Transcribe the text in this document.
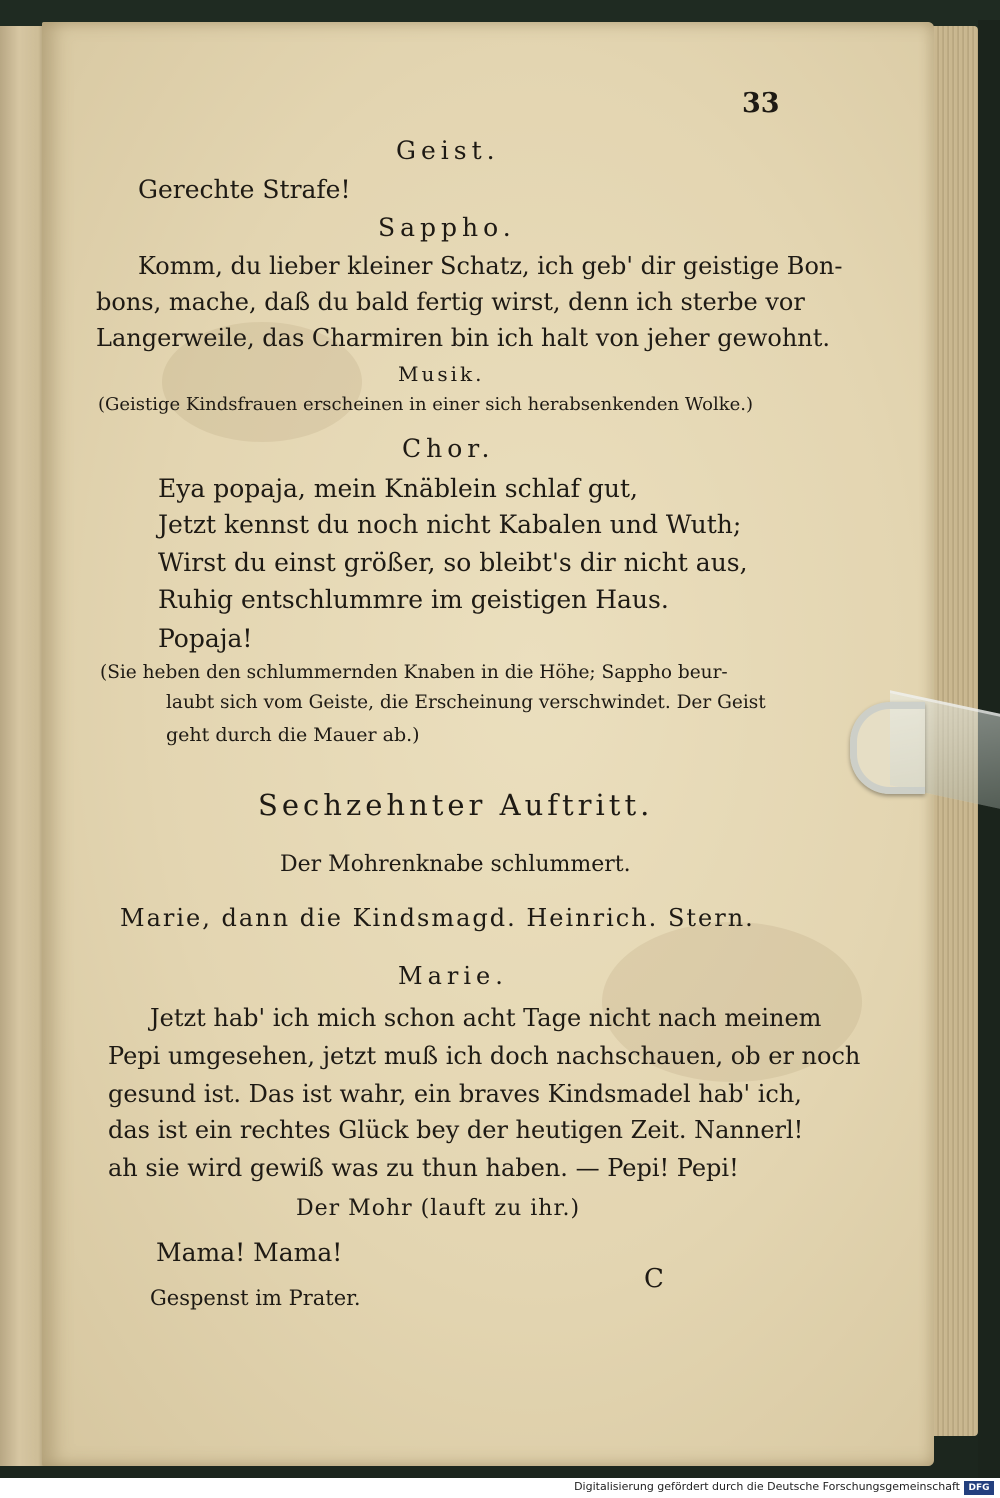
33
Geist.
Gerechte Strafe!
Sappho.
Komm, du lieber kleiner Schatz, ich geb' dir geistige Bon-
bons, mache, daß du bald fertig wirst, denn ich sterbe vor
Langerweile, das Charmiren bin ich halt von jeher gewohnt.
Musik.
(Geistige Kindsfrauen erscheinen in einer sich herabsenkenden Wolke.)
Chor.
Eya popaja, mein Knäblein schlaf gut,
Jetzt kennst du noch nicht Kabalen und Wuth;
Wirst du einst größer, so bleibt's dir nicht aus,
Ruhig entschlummre im geistigen Haus.
Popaja!
(Sie heben den schlummernden Knaben in die Höhe; Sappho beur-
laubt sich vom Geiste, die Erscheinung verschwindet. Der Geist
geht durch die Mauer ab.)
Sechzehnter Auftritt.
Der Mohrenknabe schlummert.
Marie, dann die Kindsmagd. Heinrich. Stern.
Marie.
Jetzt hab' ich mich schon acht Tage nicht nach meinem
Pepi umgesehen, jetzt muß ich doch nachschauen, ob er noch
gesund ist. Das ist wahr, ein braves Kindsmadel hab' ich,
das ist ein rechtes Glück bey der heutigen Zeit. Nannerl!
ah sie wird gewiß was zu thun haben. — Pepi! Pepi!
Der Mohr (lauft zu ihr.)
Mama! Mama!
Gespenst im Prater.
C
Digitalisierung gefördert durch die Deutsche Forschungsgemeinschaft DFG
